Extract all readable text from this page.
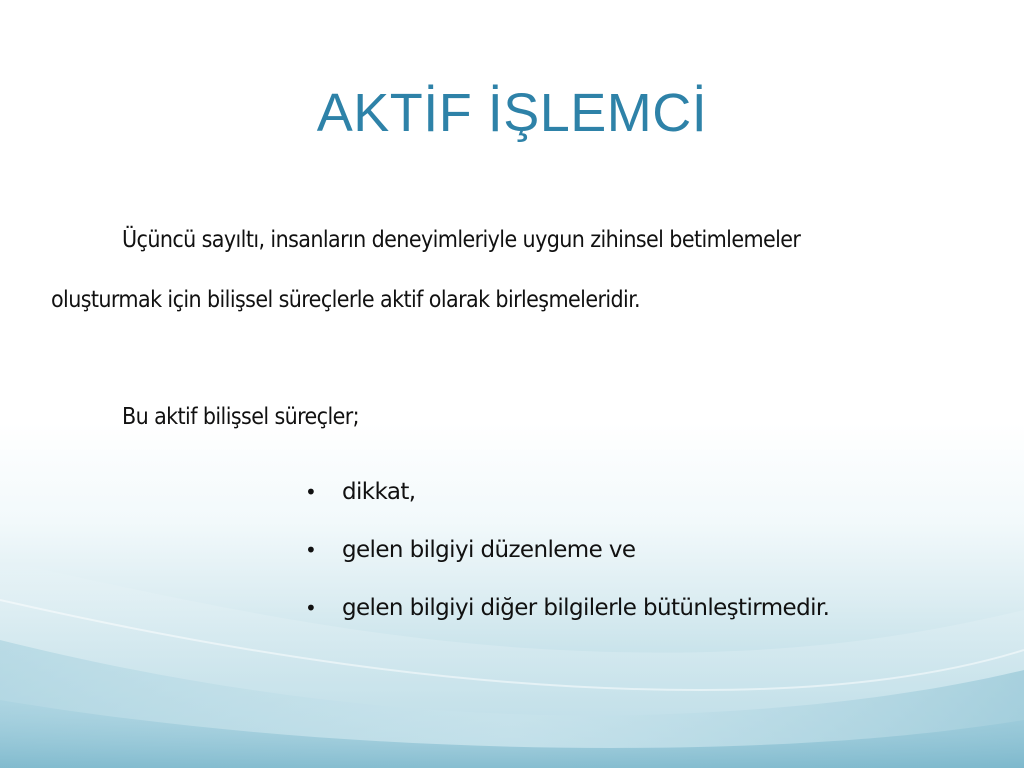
AKTİF İŞLEMCİ
Üçüncü sayıltı, insanların deneyimleriyle uygun zihinsel betimlemeler
oluşturmak için bilişsel süreçlerle aktif olarak birleşmeleridir.
Bu aktif bilişsel süreçler;
•	dikkat,
•	gelen bilgiyi düzenleme ve
•	gelen bilgiyi diğer bilgilerle bütünleştirmedir.
